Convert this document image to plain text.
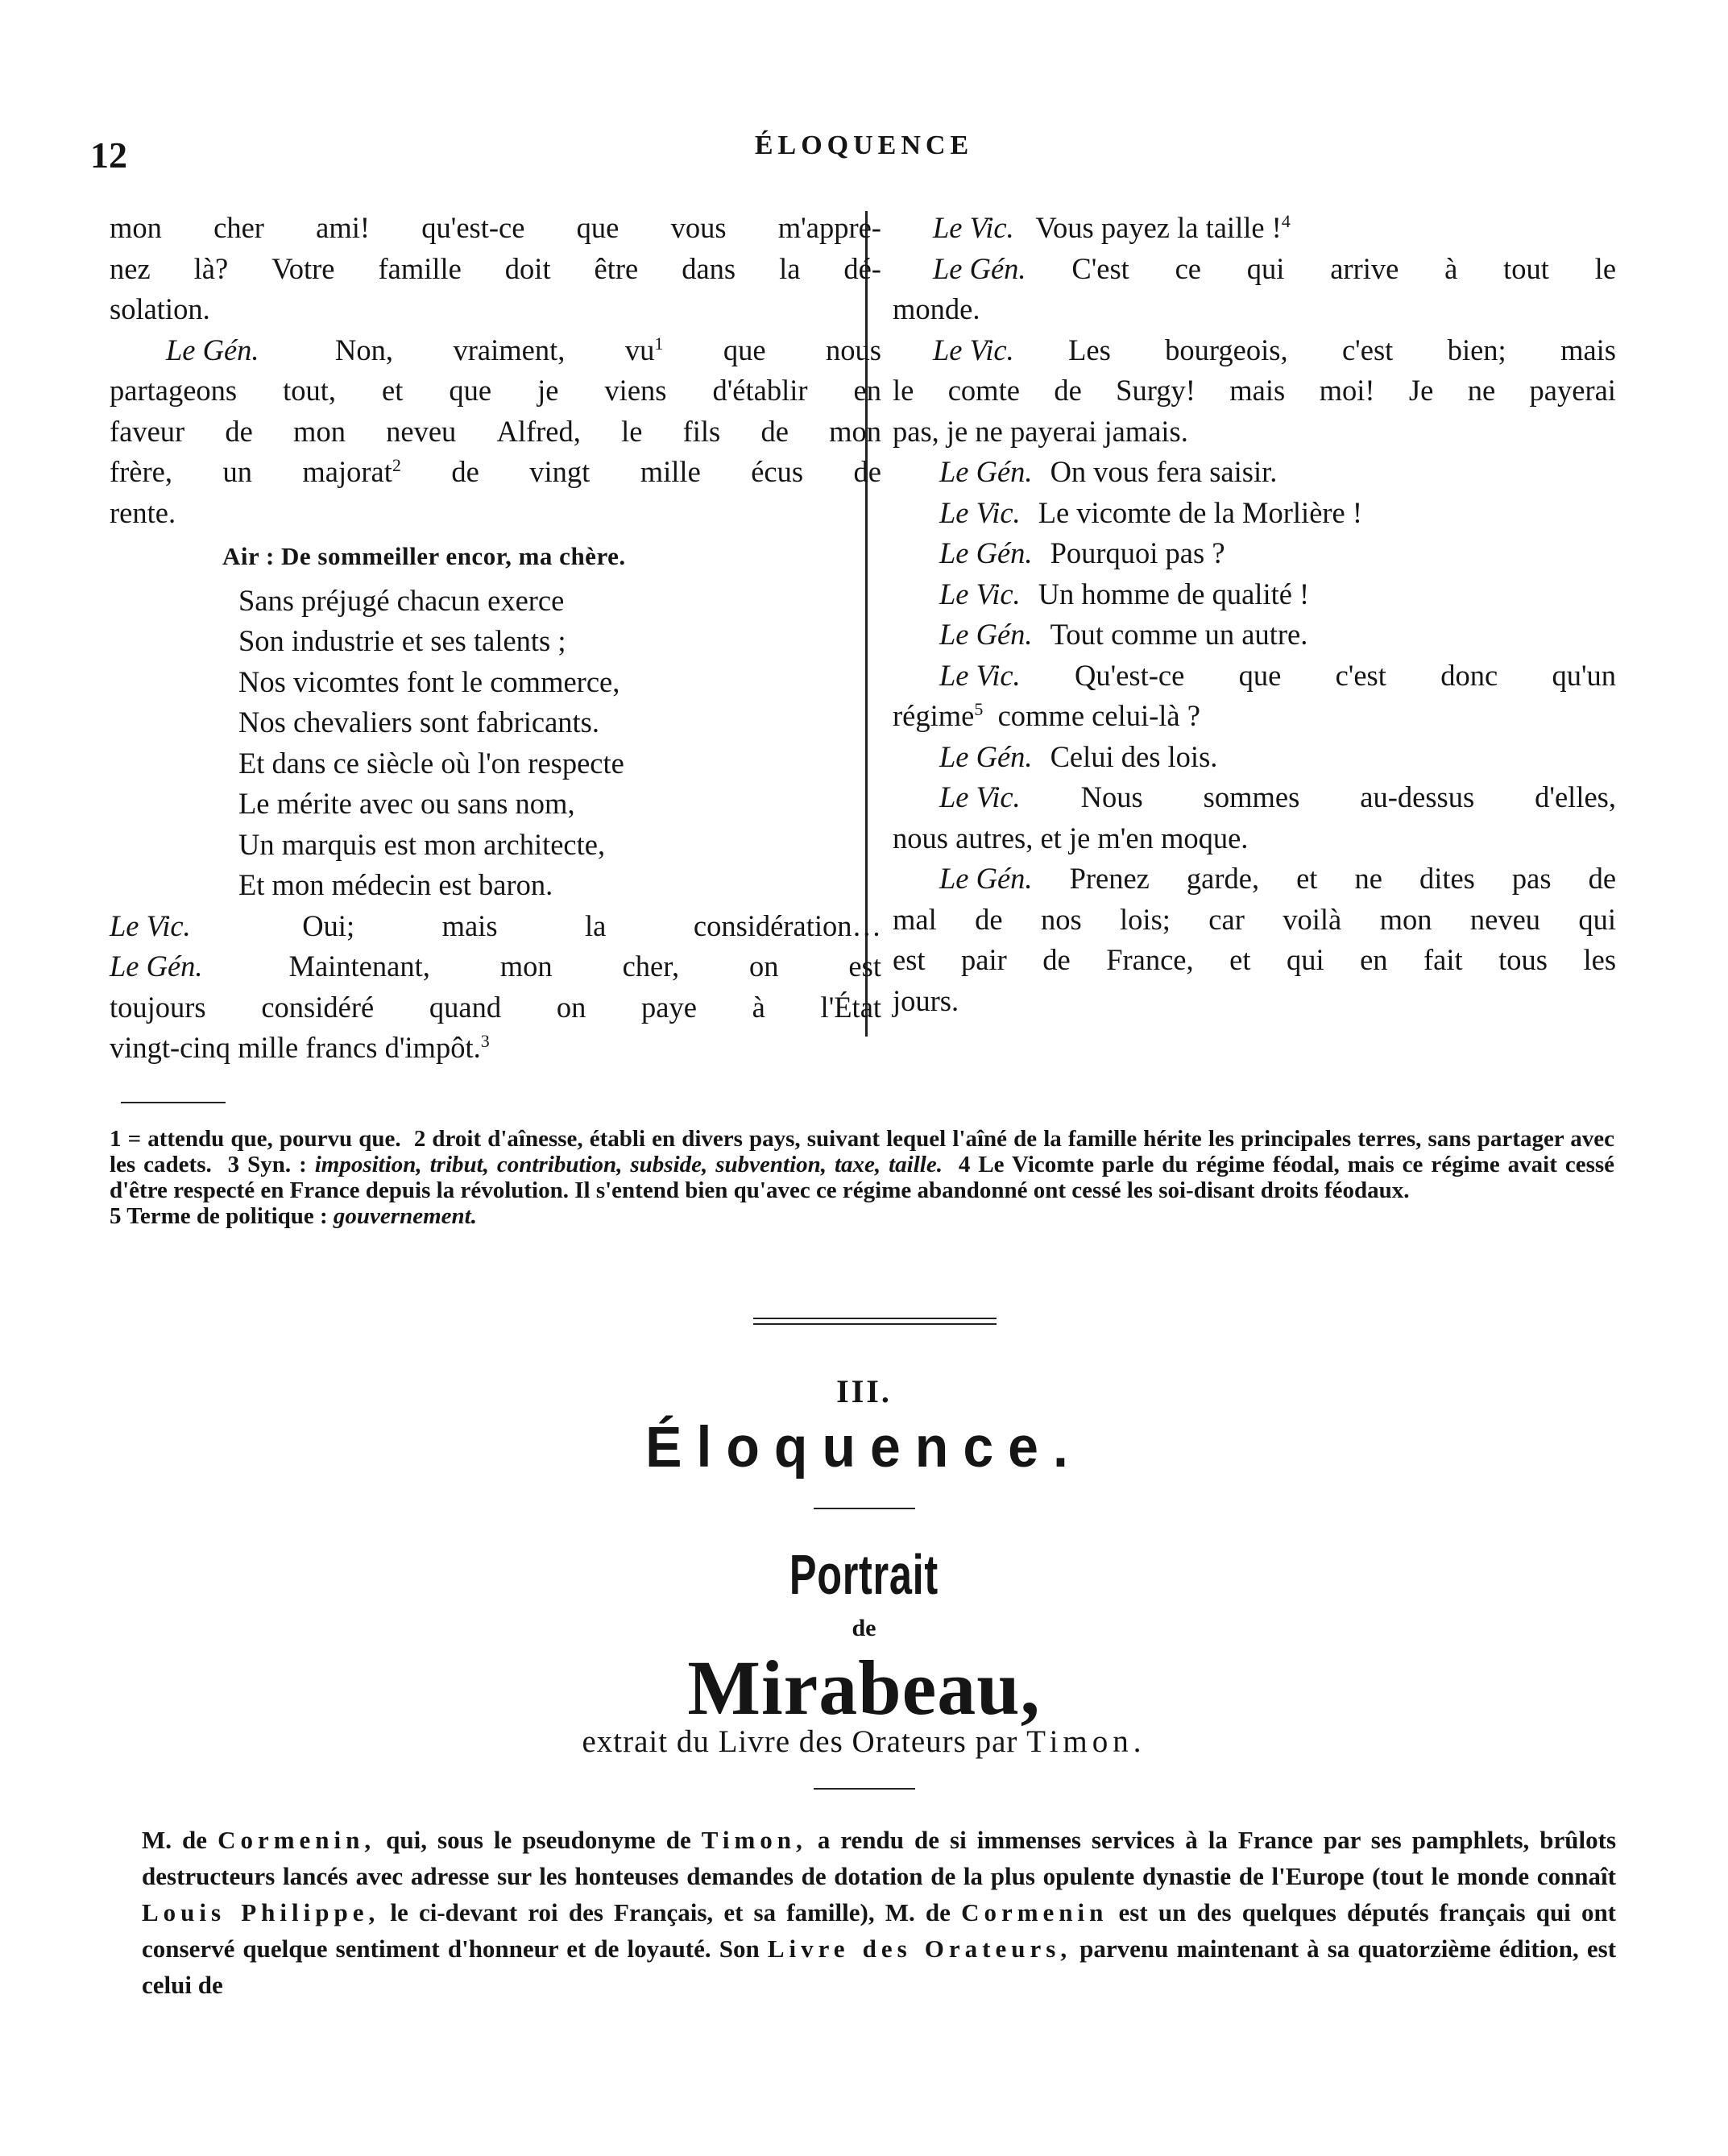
12	ÉLOQUENCE
mon cher ami! qu'est-ce que vous m'appre-
nez là? Votre famille doit être dans la dé-
solation.
Le Gén.	Non, vraiment, $vu^1$ que nous
partageons tout, et que je viens d'établir en
faveur de mon neveu Alfred, le fils de mon
frère, un majorat$^2$ de vingt mille écus de
rente.
Air : De sommeiller encor, ma chère.
Sans préjugé chacun exerce
Son industrie et ses talents ;
Nos vicomtes font le commerce,
Nos chevaliers sont fabricants.
Et dans ce siècle où l'on respecte
Le mérite avec ou sans nom,
Un marquis est mon architecte,
Et mon médecin est baron.
Le Vic.	Oui;	mais	la	considération…
Le Gén.	Maintenant, mon cher, on est
toujours considéré quand on paye à l'État
vingt-cinq mille francs d'impôt.$^3$
Le Vic. Vous payez la taille !$^4$
Le Gén. C'est ce qui arrive à tout le
monde.
Le Vic. Les bourgeois, c'est bien; mais
le comte de Surgy! mais moi! Je ne payerai
pas, je ne payerai jamais.
Le Gén. On vous fera saisir.
Le Vic. Le vicomte de la Morlière !
Le Gén. Pourquoi pas ?
Le Vic. Un homme de qualité !
Le Gén. Tout comme un autre.
Le Vic. Qu'est-ce que c'est donc qu'un
régime$^5$ comme celui-là ?
Le Gén. Celui des lois.
Le Vic. Nous sommes au-dessus d'elles,
nous autres, et je m'en moque.
Le Gén. Prenez garde, et ne dites pas de
mal de nos lois; car voilà mon neveu qui
est pair de France, et qui en fait tous les
jours.
1 = attendu que, pourvu que. 2 droit d'aînesse, établi en divers pays, suivant lequel l'aîné de la famille hérite les principales terres, sans partager avec les cadets. 3 Syn. : imposition, tribut, contribution, subside, subvention, taxe, taille. 4 Le Vicomte parle du régime féodal, mais ce régime avait cessé d'être respecté en France depuis la révolution. Il s'entend bien qu'avec ce régime abandonné ont cessé les soi-disant droits féodaux.
5 Terme de politique : gouvernement.
III.
Éloquence.
Portrait
de
Mirabeau,
extrait du Livre des Orateurs par Timon.
M. de Cormenin, qui, sous le pseudonyme de Timon, a rendu de si immenses services à la France par ses pamphlets, brûlots destructeurs lancés avec adresse sur les honteuses demandes de dotation de la plus opulente dynastie de l'Europe (tout le monde connaît Louis Philippe, le ci-devant roi des Français, et sa famille), M. de Cormenin est un des quelques députés français qui ont conservé quelque sentiment d'honneur et de loyauté. Son Livre des Orateurs, parvenu maintenant à sa quatorzième édition, est celui de
